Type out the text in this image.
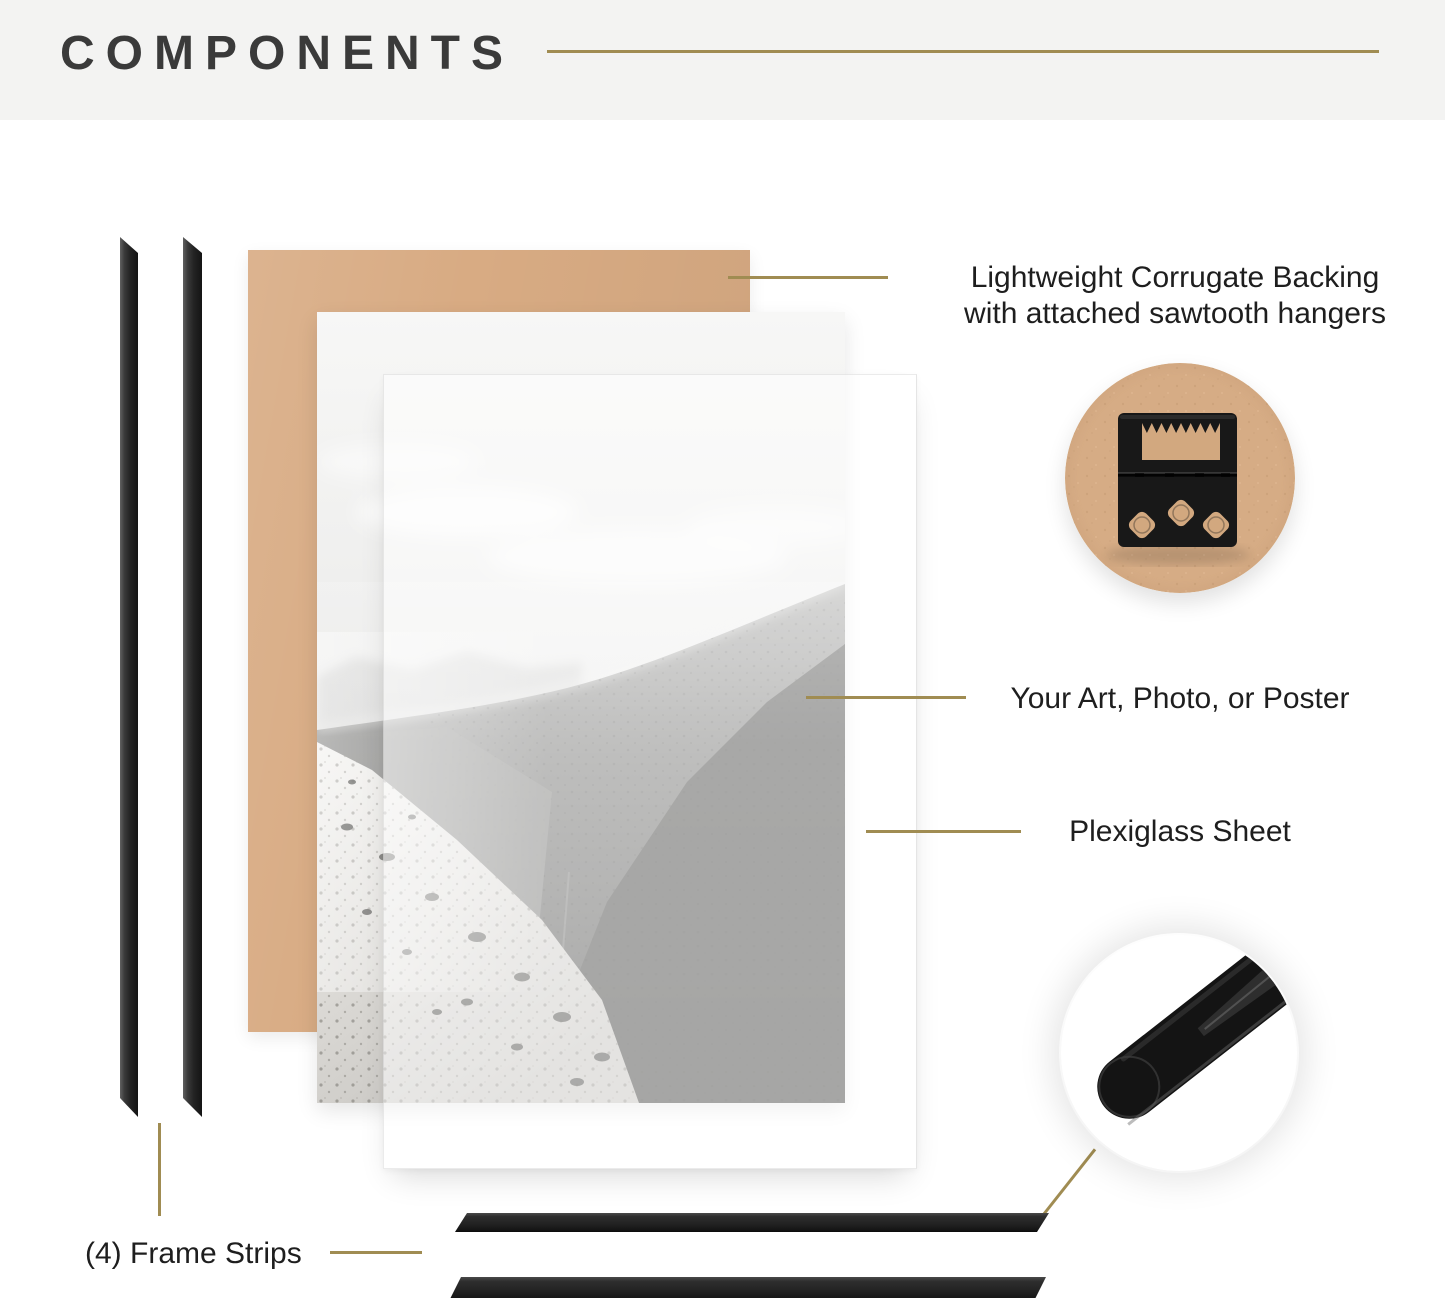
COMPONENTS
Lightweight Corrugate Backing
with attached sawtooth hangers
Your Art, Photo, or Poster
Plexiglass Sheet
(4) Frame Strips
